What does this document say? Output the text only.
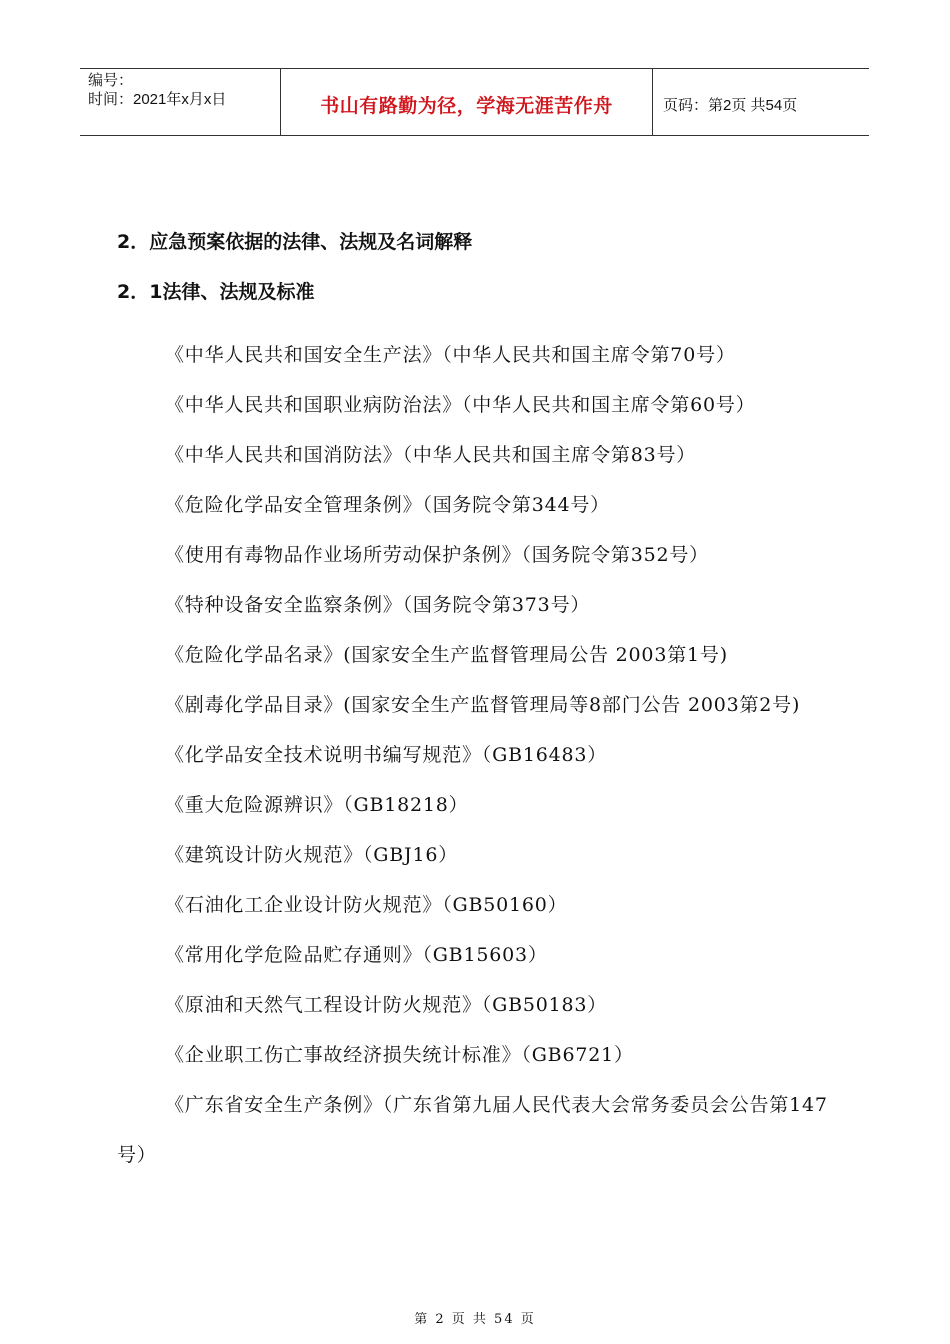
编号：
时间：2021年x月x日	书山有路勤为径，学海无涯苦作舟	页码：第2页 共54页

2．应急预案依据的法律、法规及名词解释

2．1法律、法规及标准

《中华人民共和国安全生产法》（中华人民共和国主席令第70号）

《中华人民共和国职业病防治法》（中华人民共和国主席令第60号）

《中华人民共和国消防法》（中华人民共和国主席令第83号）

《危险化学品安全管理条例》（国务院令第344号）

《使用有毒物品作业场所劳动保护条例》（国务院令第352号）

《特种设备安全监察条例》（国务院令第373号）

《危险化学品名录》(国家安全生产监督管理局公告 2003第1号)

《剧毒化学品目录》(国家安全生产监督管理局等8部门公告 2003第2号)

《化学品安全技术说明书编写规范》（GB16483）

《重大危险源辨识》（GB18218）

《建筑设计防火规范》（GBJ16）

《石油化工企业设计防火规范》（GB50160）

《常用化学危险品贮存通则》（GB15603）

《原油和天然气工程设计防火规范》（GB50183）

《企业职工伤亡事故经济损失统计标准》（GB6721）

《广东省安全生产条例》（广东省第九届人民代表大会常务委员会公告第147号）

第 2 页 共 54 页
